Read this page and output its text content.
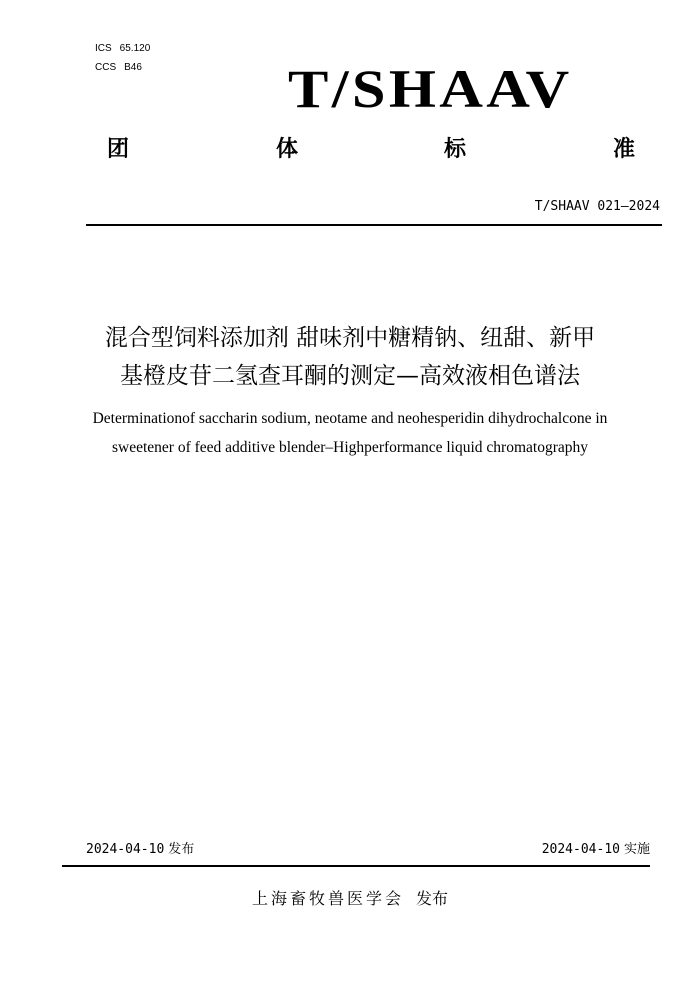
ICS 65.120
CCS B46	T/SHAAV
团	体	标	准
T/SHAAV 021—2024
混合型饲料添加剂 甜味剂中糖精钠、纽甜、新甲
基橙皮苷二氢查耳酮的测定—高效液相色谱法
Determinationof saccharin sodium, neotame and neohesperidin dihydrochalcone in
sweetener of feed additive blender–Highperformance liquid chromatography
2024-04-10 发布	2024-04-10 实施
上海畜牧兽医学会 发布
